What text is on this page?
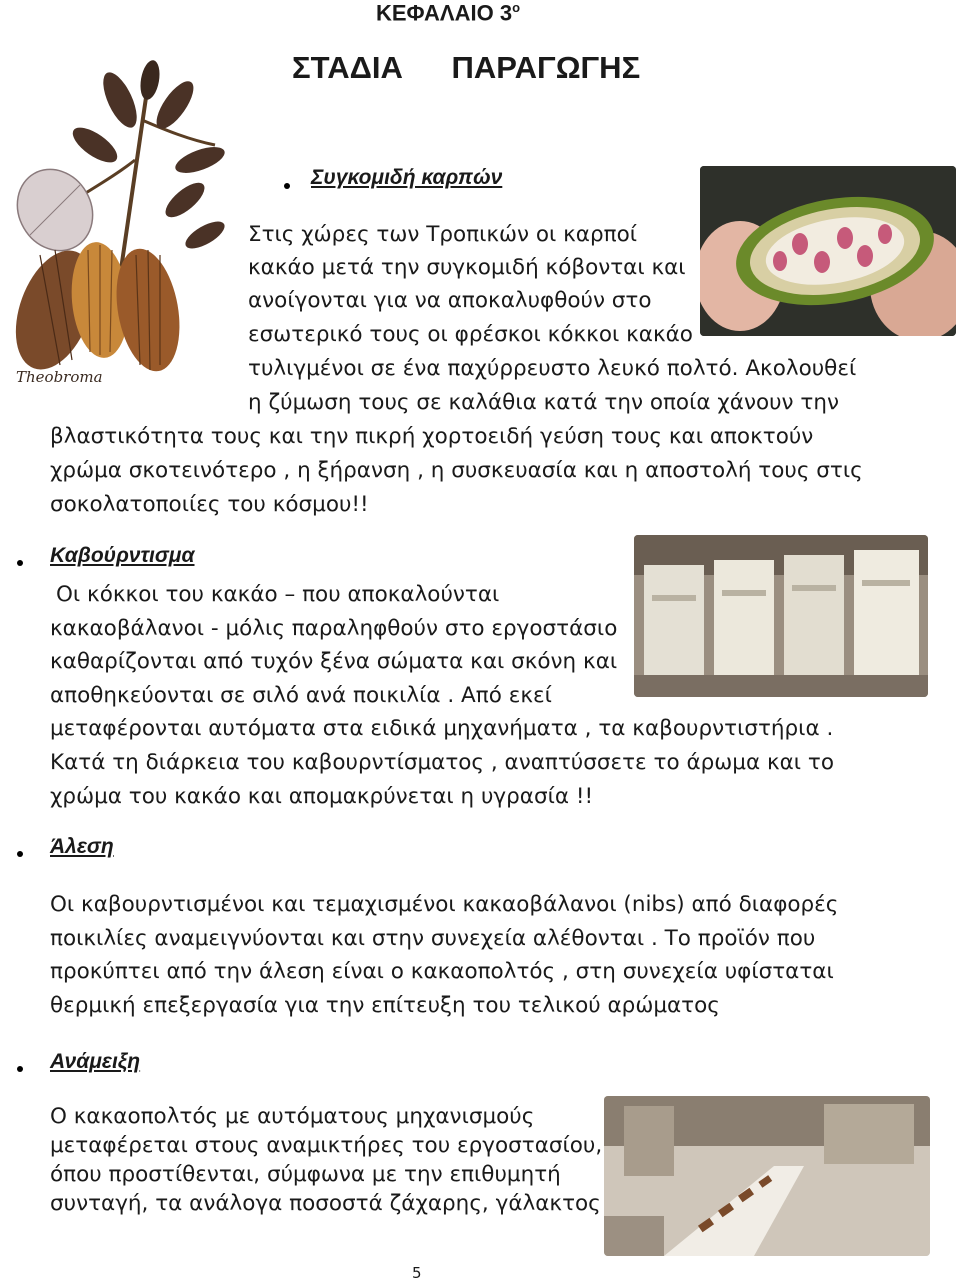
ΚΕΦΑΛΑΙΟ $3^o$
ΣΤΑΔΙΑ ΠΑΡΑΓΩΓΗΣ
Theobroma
Συγκομιδή καρπών
Στις χώρες των Τροπικών οι καρποί
κακάο μετά την συγκομιδή κόβονται και
ανοίγονται για να αποκαλυφθούν στο
εσωτερικό τους οι φρέσκοι κόκκοι κακάο
τυλιγμένοι σε ένα παχύρρευστο λευκό πολτό. Ακολουθεί
η ζύμωση τους σε καλάθια κατά την οποία χάνουν την
βλαστικότητα τους και την πικρή χορτοειδή γεύση τους και αποκτούν
χρώμα σκοτεινότερο , η ξήρανση , η συσκευασία και η αποστολή τους στις
σοκολατοποιίες του κόσμου!!
Καβούρντισμα
Οι κόκκοι του κακάο – που αποκαλούνται
κακαοβάλανοι - μόλις παραληφθούν στο εργοστάσιο
καθαρίζονται από τυχόν ξένα σώματα και σκόνη και
αποθηκεύονται σε σιλό ανά ποικιλία . Από εκεί
μεταφέρονται αυτόματα στα ειδικά μηχανήματα , τα καβουρντιστήρια .
Κατά τη διάρκεια του καβουρντίσματος , αναπτύσσετε το άρωμα και το
χρώμα του κακάο και απομακρύνεται η υγρασία !!
Άλεση
Οι καβουρντισμένοι και τεμαχισμένοι κακαοβάλανοι (nibs) από διαφορές
ποικιλίες αναμειγνύονται και στην συνεχεία αλέθονται . Το προϊόν που
προκύπτει από την άλεση είναι ο κακαοπολτός , στη συνεχεία υφίσταται
θερμική επεξεργασία για την επίτευξη του τελικού αρώματος
Ανάμειξη
Ο κακαοπολτός με αυτόματους μηχανισμούς
μεταφέρεται στους αναμικτήρες του εργοστασίου,
όπου προστίθενται, σύμφωνα με την επιθυμητή
συνταγή, τα ανάλογα ποσοστά ζάχαρης, γάλακτος
5
